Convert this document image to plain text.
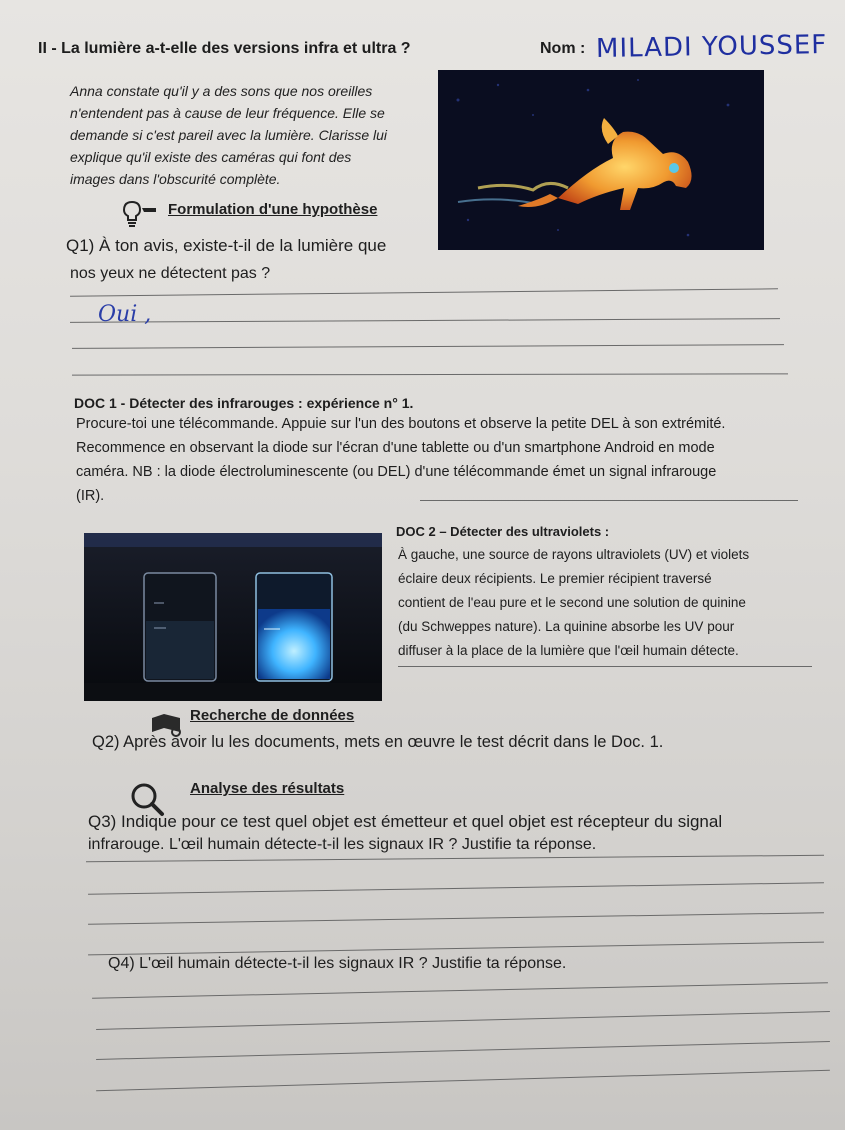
II - La lumière a-t-elle des versions infra et ultra ?	Nom : MILADI YOUSSEF

Anna constate qu'il y a des sons que nos oreilles

n'entendent pas à cause de leur fréquence. Elle se

demande si c'est pareil avec la lumière. Clarisse lui

explique qu'il existe des caméras qui font des

images dans l'obscurité complète.

Formulation d'une hypothèse
Q1) À ton avis, existe-t-il de la lumière que
nos yeux ne détectent pas ?
Oui ,
DOC 1 - Détecter des infrarouges : expérience n° 1.

Procure-toi une télécommande. Appuie sur l'un des boutons et observe la petite DEL à son extrémité.

Recommence en observant la diode sur l'écran d'une tablette ou d'un smartphone Android en mode

caméra. NB : la diode électroluminescente (ou DEL) d'une télécommande émet un signal infrarouge

(IR).

DOC 2 – Détecter des ultraviolets :

À gauche, une source de rayons ultraviolets (UV) et violets

éclaire deux récipients. Le premier récipient traversé

contient de l'eau pure et le second une solution de quinine

(du Schweppes nature). La quinine absorbe les UV pour

diffuser à la place de la lumière que l'œil humain détecte.

Recherche de données
Q2) Après avoir lu les documents, mets en œuvre le test décrit dans le Doc. 1.
Analyse des résultats
Q3) Indique pour ce test quel objet est émetteur et quel objet est récepteur du signal
infrarouge. L'œil humain détecte-t-il les signaux IR ? Justifie ta réponse.
Q4) L'œil humain détecte-t-il les signaux IR ? Justifie ta réponse.
